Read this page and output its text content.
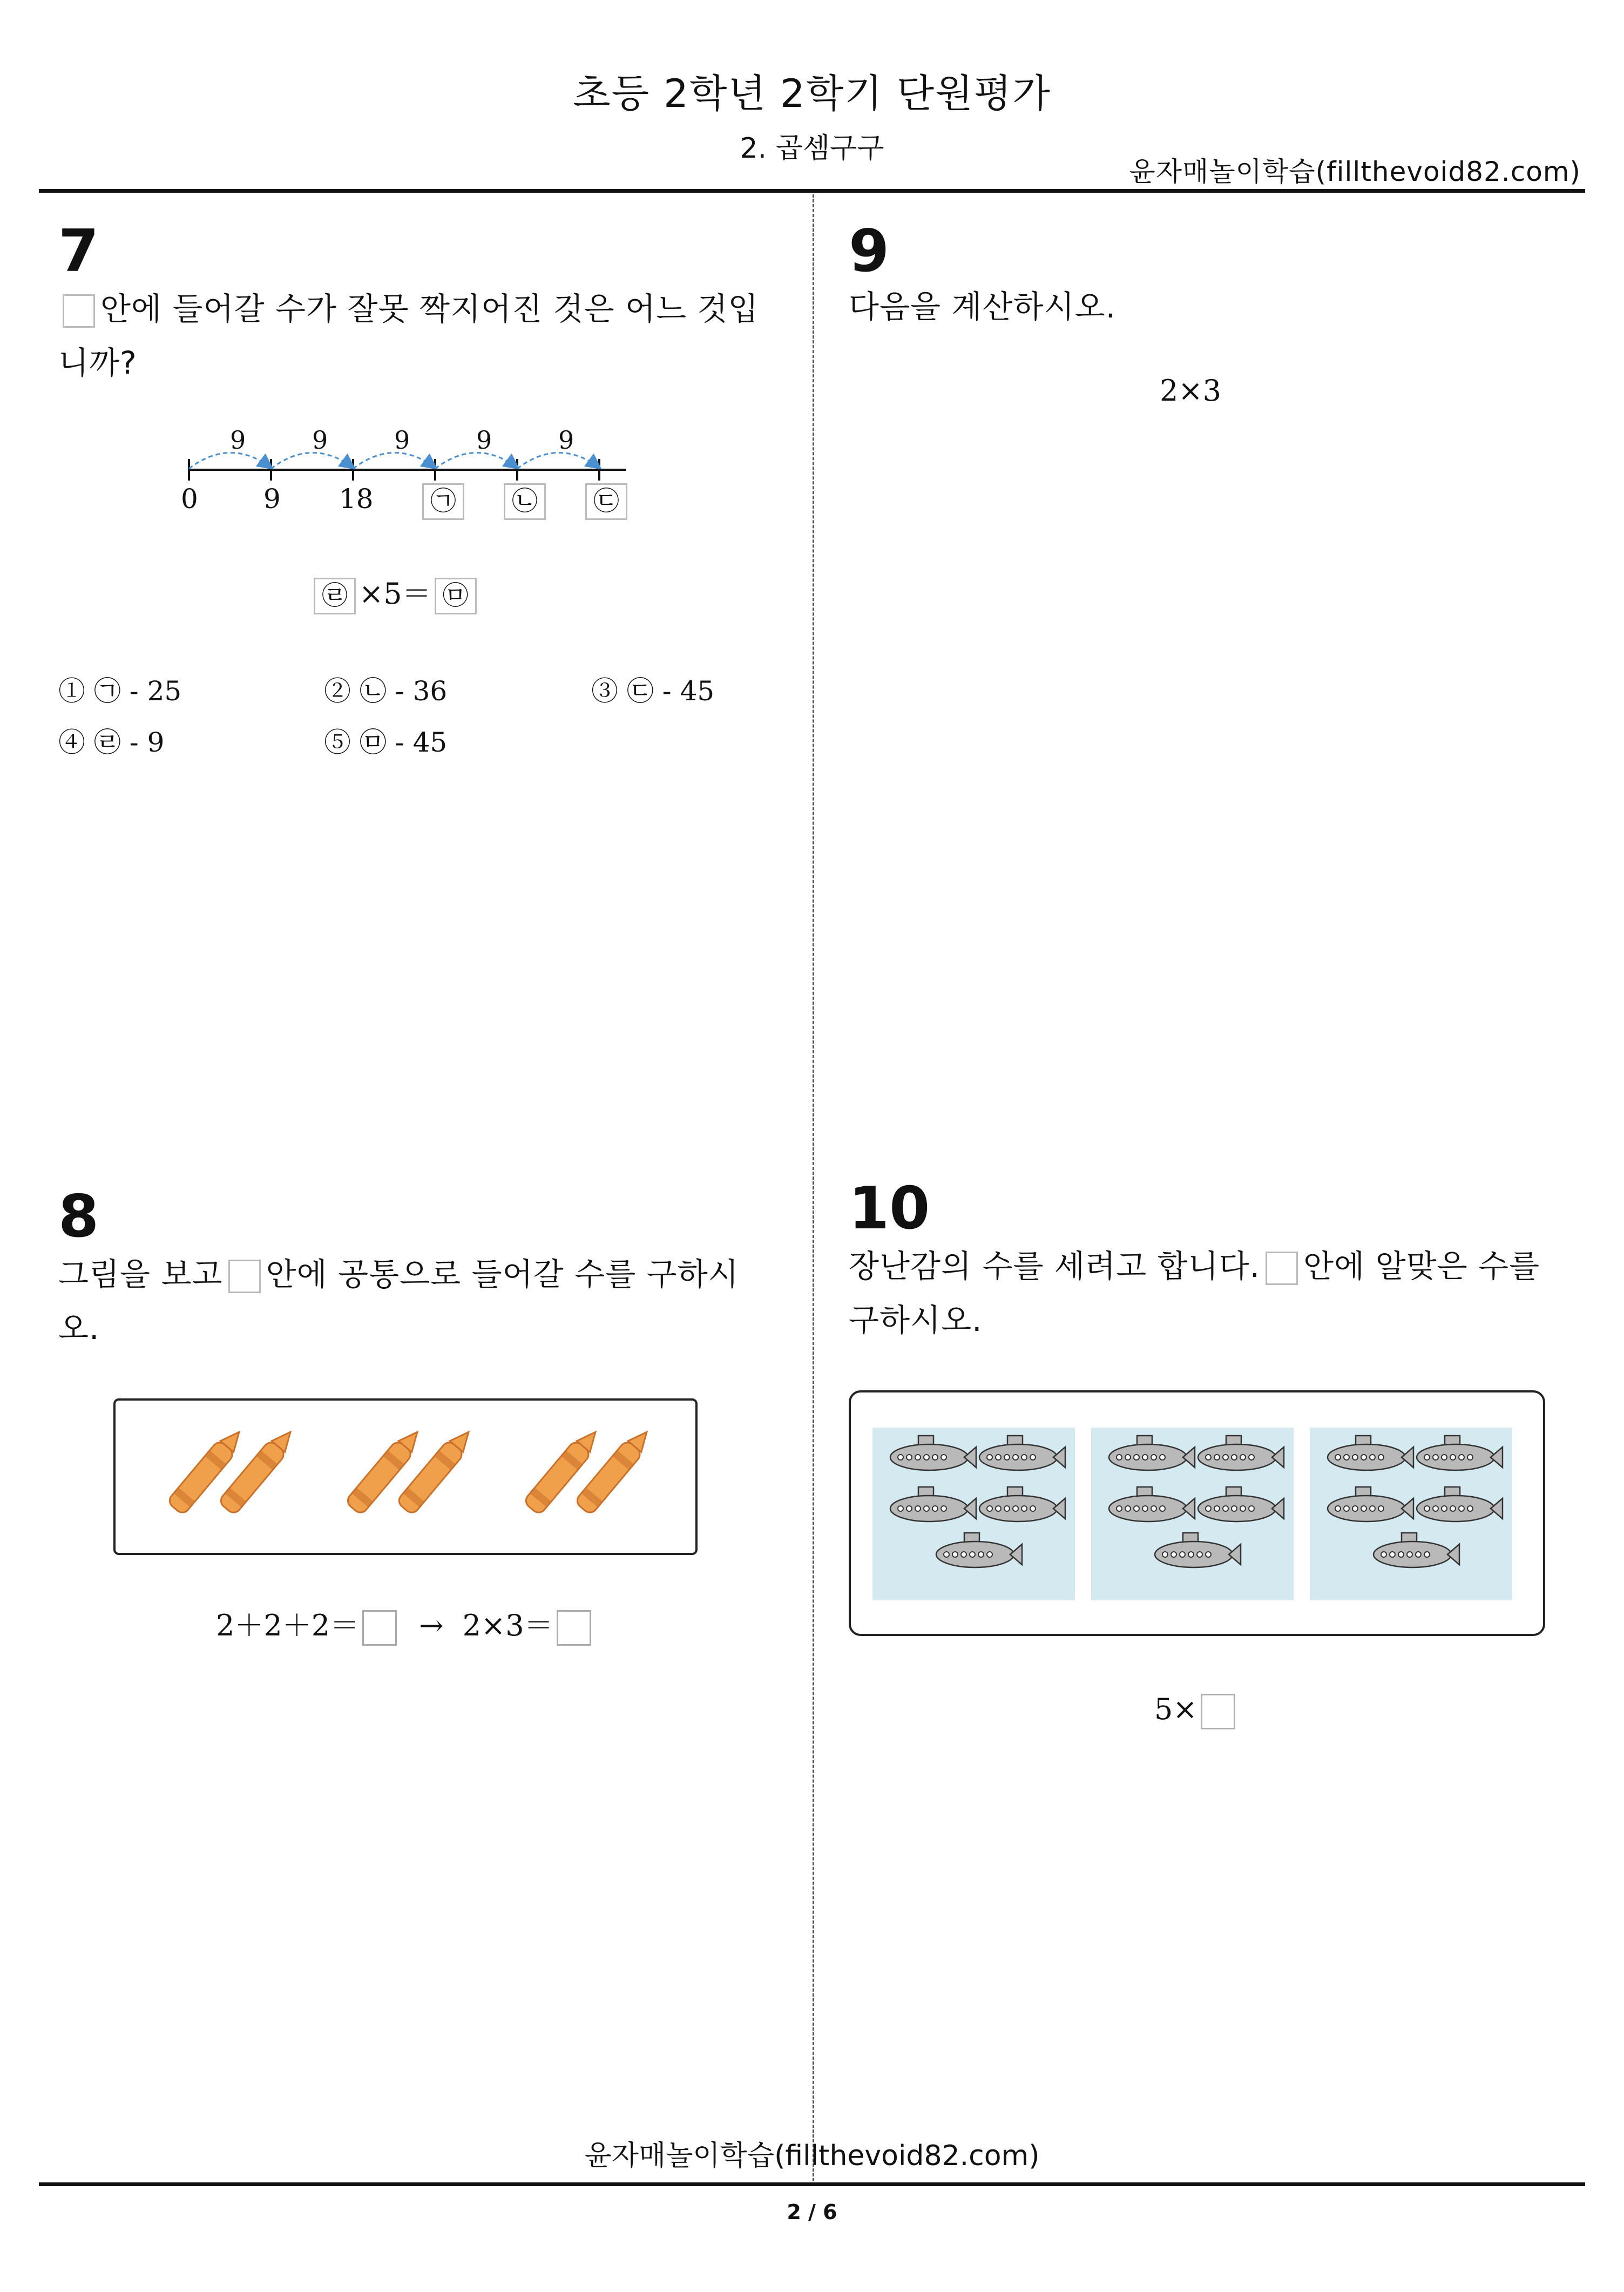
초등 2학년 2학기 단원평가
2. 곱셈구구
윤자매놀이학습(fillthevoid82.com)
7
안에 들어갈 수가 잘못 짝지어진 것은 어느 것입
니까?
0 9 18	㉠	㉡	㉢
9	9	9	9	9
㉣ ×5＝ ㉤
① ㉠ - 25	② ㉡ - 36	③ ㉢ - 45
④ ㉣ - 9	⑤ ㉤ - 45
8
그림을 보고 안에 공통으로 들어갈 수를 구하시
오.
2＋2＋2＝ → 2×3＝
9
다음을 계산하시오.
2×3
10
장난감의 수를 세려고 합니다. 안에 알맞은 수를
구하시오.
5×
윤자매놀이학습(fillthevoid82.com)
2 / 6
